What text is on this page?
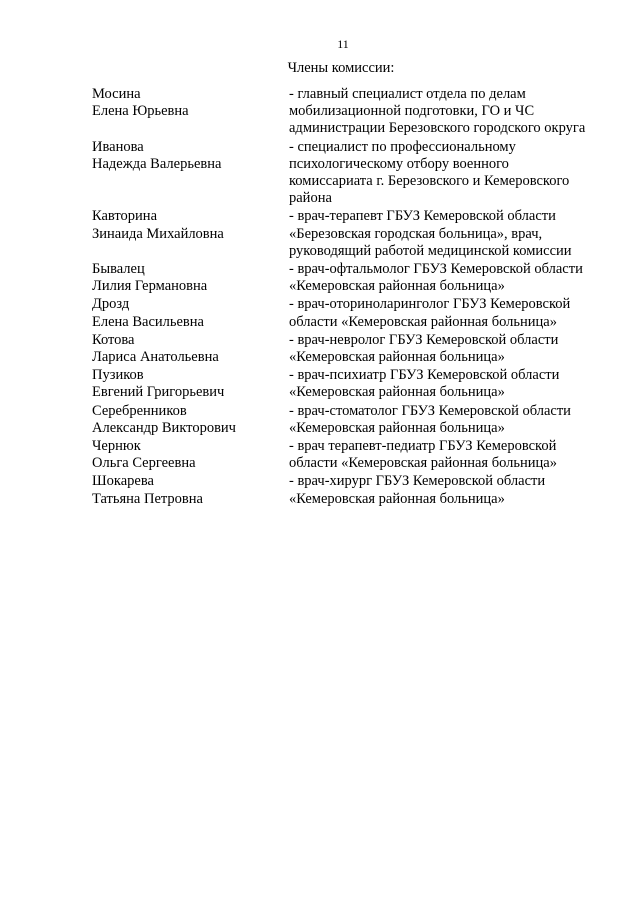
11
Члены комиссии:
Мосина
Елена Юрьевна
- главный специалист отдела по делам
мобилизационной подготовки, ГО и ЧС
администрации Березовского городского округа
Иванова
Надежда Валерьевна
- специалист по профессиональному
психологическому отбору военного
комиссариата г. Березовского и Кемеровского
района
Кавторина
Зинаида Михайловна
- врач-терапевт ГБУЗ Кемеровской области
«Березовская городская больница», врач,
руководящий работой медицинской комиссии
Бывалец
Лилия Германовна
- врач-офтальмолог ГБУЗ Кемеровской области
«Кемеровская районная больница»
Дрозд
Елена Васильевна
- врач-оториноларинголог ГБУЗ Кемеровской
области «Кемеровская районная больница»
Котова
Лариса Анатольевна
- врач-невролог ГБУЗ Кемеровской области
«Кемеровская районная больница»
Пузиков
Евгений Григорьевич
- врач-психиатр ГБУЗ Кемеровской области
«Кемеровская районная больница»
Серебренников
Александр Викторович
- врач-стоматолог ГБУЗ Кемеровской области
«Кемеровская районная больница»
Чернюк
Ольга Сергеевна
- врач терапевт-педиатр ГБУЗ Кемеровской
области «Кемеровская районная больница»
Шокарева
Татьяна Петровна
- врач-хирург ГБУЗ Кемеровской области
«Кемеровская районная больница»
